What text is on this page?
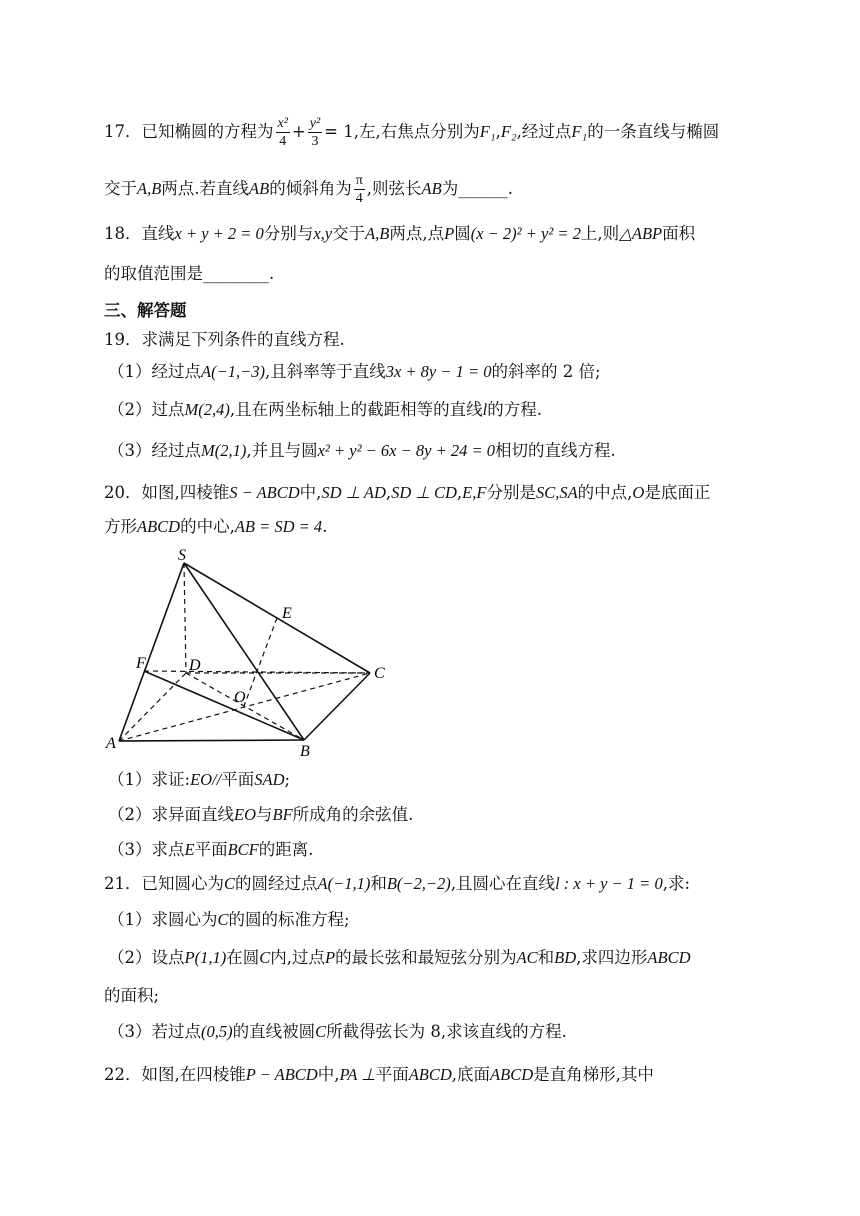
17．已知椭圆的方程为 $\frac{\text{x²}}{4} + \frac{\text{y²}}{3} = 1$,左,右焦点分别为F₁,F₂,经过点F₁的一条直线与椭圆
交于A,B两点.若直线AB的倾斜角为 $\frac{\pi}{4}$ ,则弦长AB为______.
18．直线x + y + 2 = 0分别与x,y交于A,B两点,点P圆(x − 2)² + y² = 2上,则△ABP面积
的取值范围是________.
三、解答题
19．求满足下列条件的直线方程.
（1）经过点A(−1,−3),且斜率等于直线3x + 8y − 1 = 0的斜率的 2 倍;
（2）过点M(2,4),且在两坐标轴上的截距相等的直线l的方程.
（3）经过点M(2,1),并且与圆x² + y² − 6x − 8y + 24 = 0相切的直线方程.
20．如图,四棱锥S − ABCD中,SD ⊥ AD,SD ⊥ CD,E,F分别是SC,SA的中点,O是底面正
方形ABCD的中心,AB = SD = 4.
S
E
F	D	C
O
A	B
（1）求证:EO//平面SAD;
（2）求异面直线EO与BF所成角的余弦值.
（3）求点E平面BCF的距离.
21．已知圆心为C的圆经过点A(−1,1)和B(−2,−2),且圆心在直线l : x + y − 1 = 0,求:
（1）求圆心为C的圆的标准方程;
（2）设点P(1,1)在圆C内,过点P的最长弦和最短弦分别为AC和BD,求四边形ABCD
的面积;
（3）若过点(0,5)的直线被圆C所截得弦长为 8,求该直线的方程.
22．如图,在四棱锥P − ABCD中,PA ⊥平面ABCD,底面ABCD是直角梯形,其中
